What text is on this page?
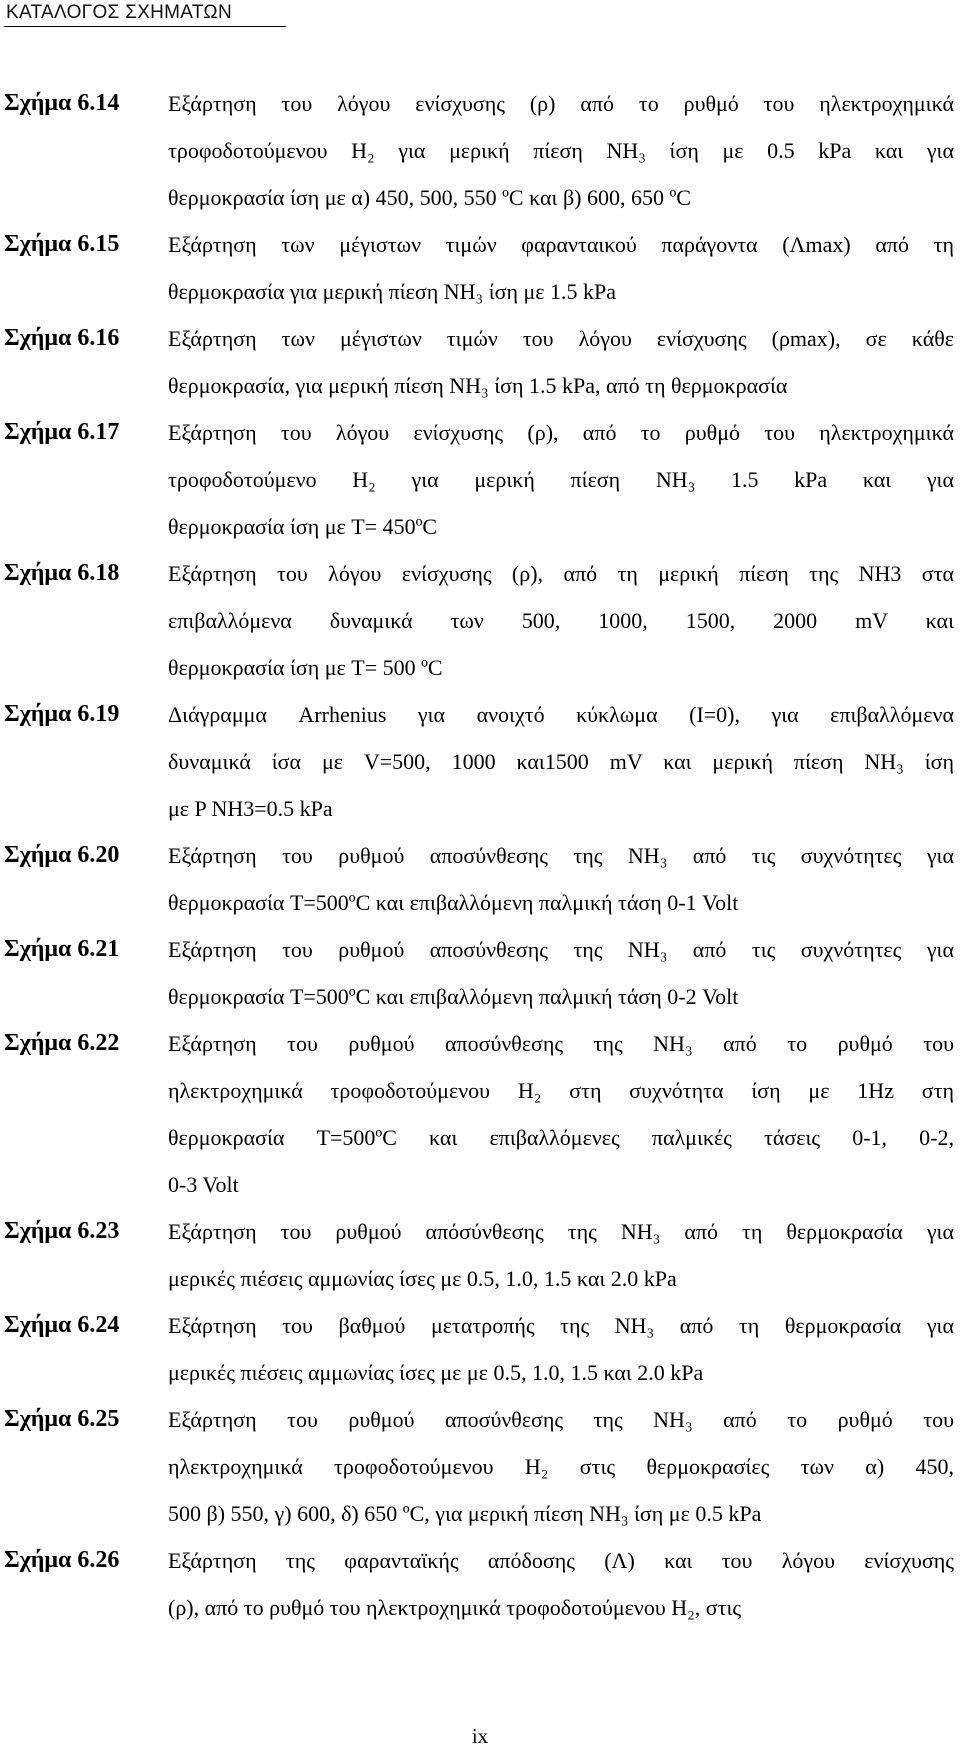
ΚΑΤΑΛΟΓΟΣ ΣΧΗΜΑΤΩΝ
Σχήμα 6.14	Εξάρτηση του λόγου ενίσχυσης (ρ) από το ρυθμό του ηλεκτροχημικά
τροφοδοτούμενου H₂ για μερική πίεση NH₃ ίση με 0.5 kPa και για
θερμοκρασία ίση με α) 450, 500, 550 ºC και β) 600, 650 ºC
Σχήμα 6.15	Εξάρτηση των μέγιστων τιμών φαρανταικού παράγοντα (Λmax) από τη
θερμοκρασία για μερική πίεση NH₃ ίση με 1.5 kPa
Σχήμα 6.16	Εξάρτηση των μέγιστων τιμών του λόγου ενίσχυσης (ρmax), σε κάθε
θερμοκρασία, για μερική πίεση NH₃ ίση 1.5 kPa, από τη θερμοκρασία
Σχήμα 6.17	Εξάρτηση του λόγου ενίσχυσης (ρ), από το ρυθμό του ηλεκτροχημικά
τροφοδοτούμενο H₂ για μερική πίεση NH₃ 1.5 kPa και για
θερμοκρασία ίση με T= 450ºC
Σχήμα 6.18	Εξάρτηση του λόγου ενίσχυσης (ρ), από τη μερική πίεση της NH3 στα
επιβαλλόμενα δυναμικά των 500, 1000, 1500, 2000 mV και
θερμοκρασία ίση με T= 500 ºC
Σχήμα 6.19	Διάγραμμα Arrhenius για ανοιχτό κύκλωμα (I=0), για επιβαλλόμενα
δυναμικά ίσα με V=500, 1000 και1500 mV και μερική πίεση NH₃ ίση
με P NH3=0.5 kPa
Σχήμα 6.20	Εξάρτηση του ρυθμού αποσύνθεσης της NH₃ από τις συχνότητες για
θερμοκρασία T=500ºC και επιβαλλόμενη παλμική τάση 0-1 Volt
Σχήμα 6.21	Εξάρτηση του ρυθμού αποσύνθεσης της NH₃ από τις συχνότητες για
θερμοκρασία T=500ºC και επιβαλλόμενη παλμική τάση 0-2 Volt
Σχήμα 6.22	Εξάρτηση του ρυθμού αποσύνθεσης της NH₃ από το ρυθμό του
ηλεκτροχημικά τροφοδοτούμενου H₂ στη συχνότητα ίση με 1Hz στη
θερμοκρασία T=500ºC και επιβαλλόμενες παλμικές τάσεις 0-1, 0-2,
0-3 Volt
Σχήμα 6.23	Εξάρτηση του ρυθμού απόσύνθεσης της NH₃ από τη θερμοκρασία για
μερικές πιέσεις αμμωνίας ίσες με 0.5, 1.0, 1.5 και 2.0 kPa
Σχήμα 6.24	Εξάρτηση του βαθμού μετατροπής της NH₃ από τη θερμοκρασία για
μερικές πιέσεις αμμωνίας ίσες με με 0.5, 1.0, 1.5 και 2.0 kPa
Σχήμα 6.25	Εξάρτηση του ρυθμού αποσύνθεσης της NH₃ από το ρυθμό του
ηλεκτροχημικά τροφοδοτούμενου H₂ στις θερμοκρασίες των α) 450,
500 β) 550, γ) 600, δ) 650 ºC, για μερική πίεση NH₃ ίση με 0.5 kPa
Σχήμα 6.26	Εξάρτηση της φαρανταϊκής απόδοσης (Λ) και του λόγου ενίσχυσης
(ρ), από το ρυθμό του ηλεκτροχημικά τροφοδοτούμενου H₂, στις
ix
